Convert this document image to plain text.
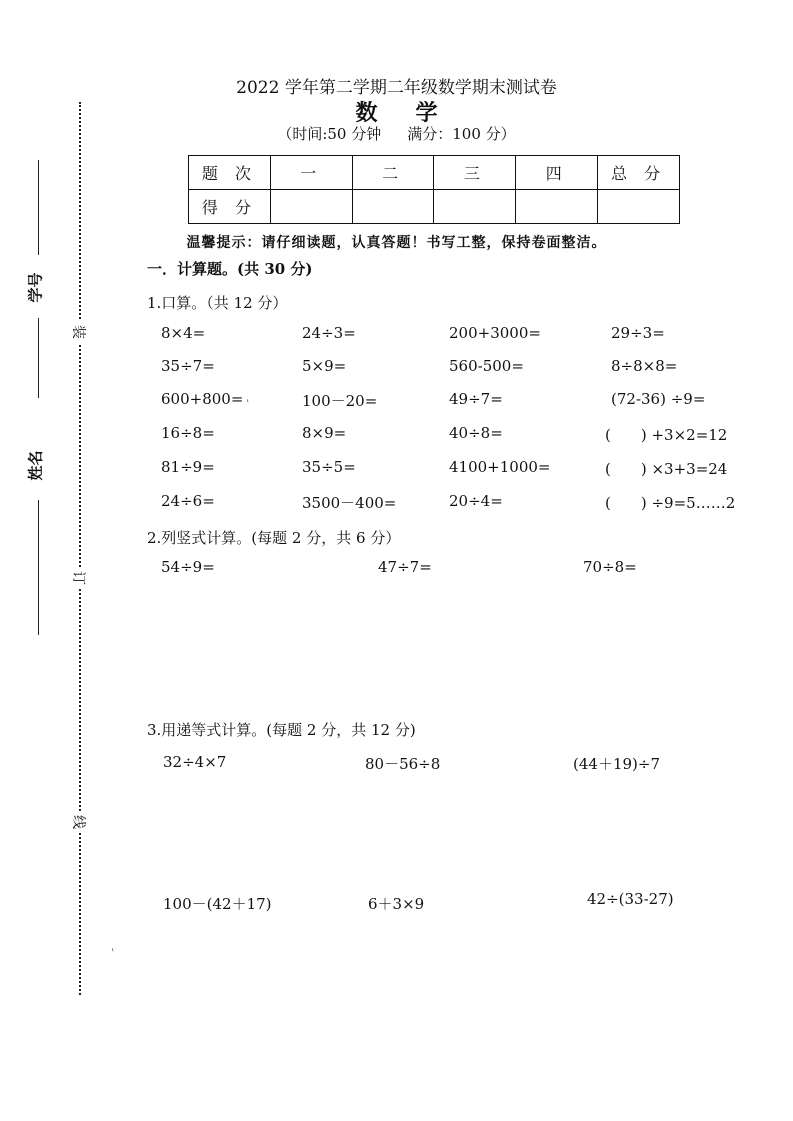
装
订
线
学号
姓名
2022 学年第二学期二年级数学期末测试卷
数学
（时间:50 分钟 满分：100 分）
题 次	一	二	三	四	总 分
得 分					
温馨提示：请仔细读题，认真答题！书写工整，保持卷面整洁。
一．计算题。(共 30 分)
1.口算。（共 12 分）
8×4=	24÷3=	200+3000=	29÷3=
35÷7=	5×9=	560-500=	8÷8×8=
600+800=	100－20=	49÷7=	(72-36) ÷9=
16÷8=	8×9=	40÷8=	(　　) +3×2=12
81÷9=	35÷5=	4100+1000=	(　　) ×3+3=24
24÷6=	3500－400=	20÷4=	(　　) ÷9=5……2
2.列竖式计算。(每题 2 分，共 6 分）
54÷9=	47÷7=	70÷8=
3.用递等式计算。(每题 2 分，共 12 分)
32÷4×7	80－56÷8	(44＋19)÷7
100－(42＋17)	6＋3×9	42÷(33-27)
ˋ
ˋ
